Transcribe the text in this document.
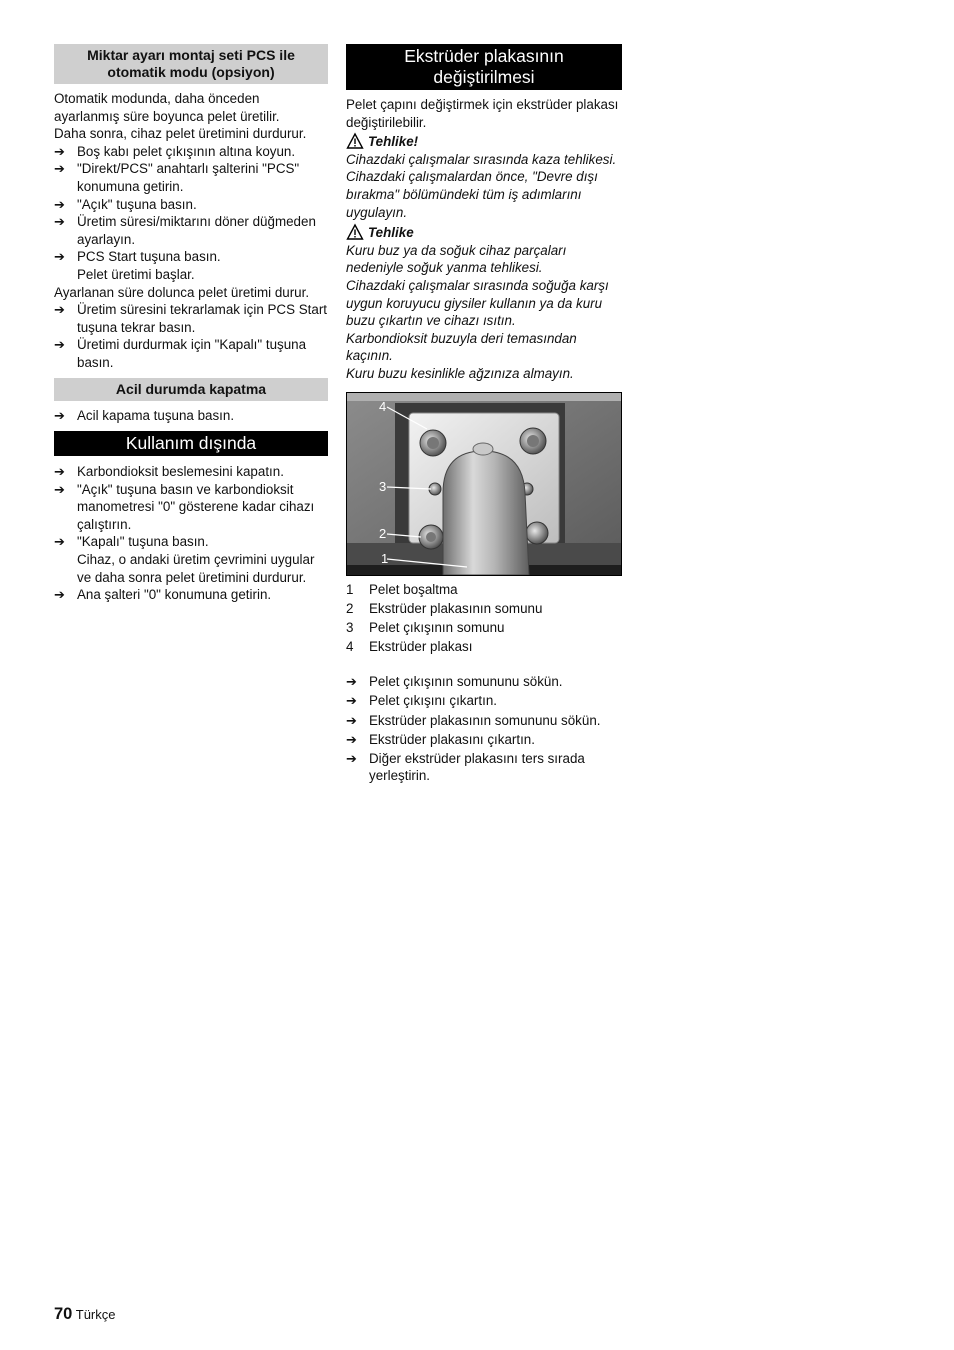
Miktar ayarı montaj seti PCS ile otomatik modu (opsiyon)

Otomatik modunda, daha önceden ayarlanmış süre boyunca pelet üretilir.

Daha sonra, cihaz pelet üretimini durdurur.

➔ Boş kabı pelet çıkışının altına koyun.
➔ "Direkt/PCS" anahtarlı şalterini "PCS" konumuna getirin.
➔ "Açık" tuşuna basın.
➔ Üretim süresi/miktarını döner düğmeden ayarlayın.
➔ PCS Start tuşuna basın.

Pelet üretimi başlar.

Ayarlanan süre dolunca pelet üretimi durur.

➔ Üretim süresini tekrarlamak için PCS Start tuşuna tekrar basın.
➔ Üretimi durdurmak için "Kapalı" tuşuna basın.
Acil durumda kapatma
➔ Acil kapama tuşuna basın.
Kullanım dışında
➔ Karbondioksit beslemesini kapatın.
➔ "Açık" tuşuna basın ve karbondioksit manometresi "0" gösterene kadar cihazı çalıştırın.
➔ "Kapalı" tuşuna basın.

Cihaz, o andaki üretim çevrimini uygular ve daha sonra pelet üretimini durdurur.

➔ Ana şalteri "0" konumuna getirin.
Ekstrüder plakasının değiştirilmesi

Pelet çapını değiştirmek için ekstrüder plakası değiştirilebilir.

Tehlike!

Cihazdaki çalışmalar sırasında kaza tehlikesi. Cihazdaki çalışmalardan önce, "Devre dışı bırakma" bölümündeki tüm iş adımlarını uygulayın.

Tehlike

Kuru buz ya da soğuk cihaz parçaları nedeniyle soğuk yanma tehlikesi.

Cihazdaki çalışmalar sırasında soğuğa karşı uygun koruyucu giysiler kullanın ya da kuru buzu çıkartın ve cihazı ısıtın.

Karbondioksit buzuyla deri temasından kaçının.

Kuru buzu kesinlikle ağzınıza almayın.

4
3
2
1
1 Pelet boşaltma
2 Ekstrüder plakasının somunu
3 Pelet çıkışının somunu
4 Ekstrüder plakası
➔ Pelet çıkışının somununu sökün.
➔ Pelet çıkışını çıkartın.
➔ Ekstrüder plakasının somununu sökün.
➔ Ekstrüder plakasını çıkartın.
➔ Diğer ekstrüder plakasını ters sırada yerleştirin.
70 Türkçe
